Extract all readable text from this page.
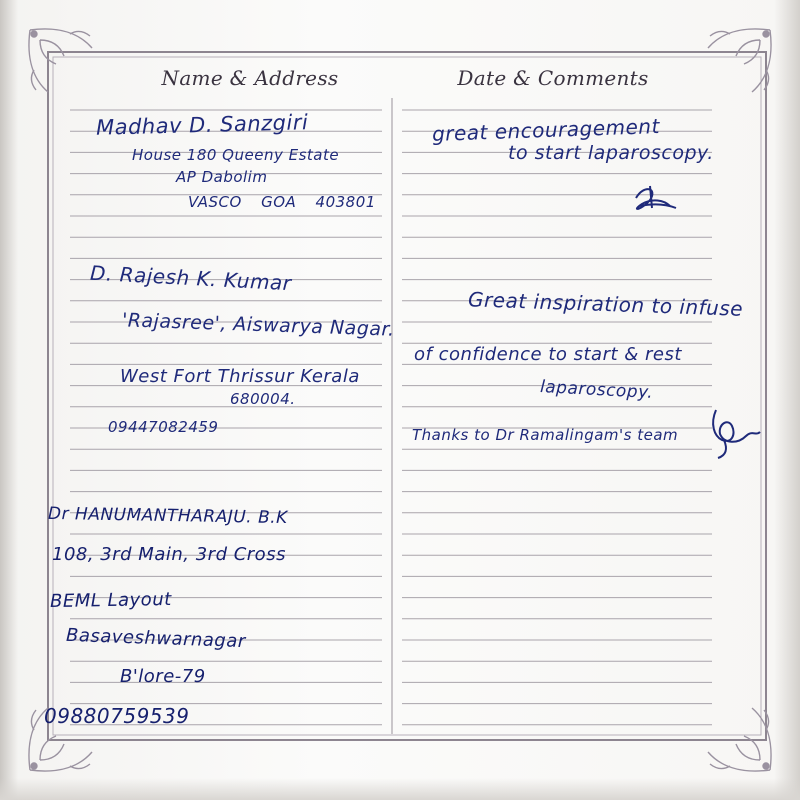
Name & Address	Date & Comments
Madhav D. Sanzgiri
House 180 Queeny Estate
AP Dabolim
VASCO GOA 403801
great encouragement
to start laparoscopy.
D. Rajesh K. Kumar
'Rajasree', Aiswarya Nagar.
West Fort Thrissur Kerala
680004.
09447082459
Great inspiration to infuse
of confidence to start & rest
laparoscopy.
Thanks to Dr Ramalingam's team
Dr HANUMANTHARAJU. B.K
108, 3rd Main, 3rd Cross
BEML Layout
Basaveshwarnagar
B'lore-79
09880759539
